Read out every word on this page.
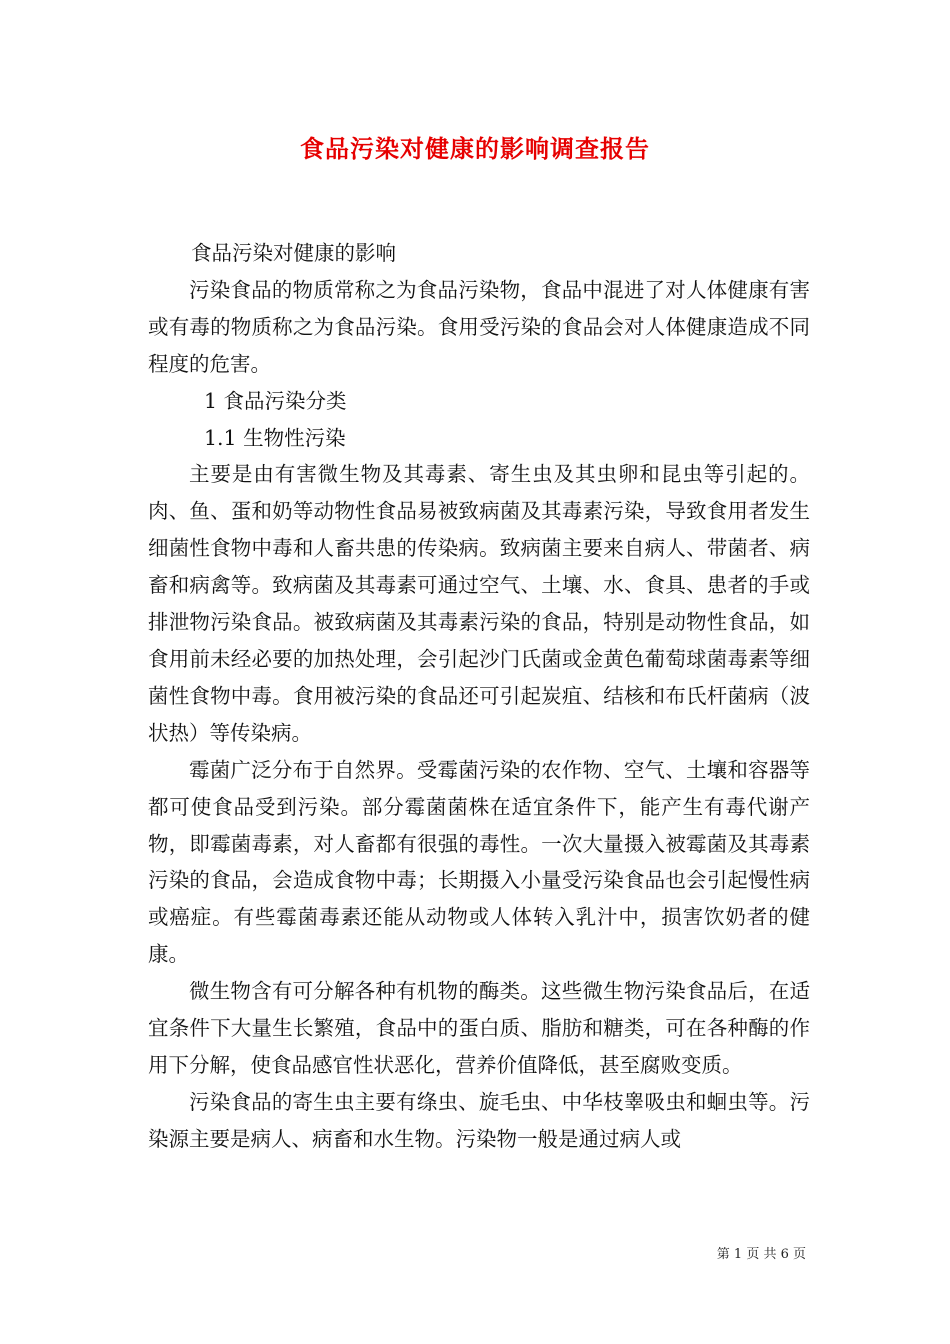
食品污染对健康的影响调查报告

食品污染对健康的影响

污染食品的物质常称之为食品污染物，食品中混进了对人体健康有害或有毒的物质称之为食品污染。食用受污染的食品会对人体健康造成不同程度的危害。

1 食品污染分类

1.1 生物性污染

主要是由有害微生物及其毒素、寄生虫及其虫卵和昆虫等引起的。肉、鱼、蛋和奶等动物性食品易被致病菌及其毒素污染，导致食用者发生细菌性食物中毒和人畜共患的传染病。致病菌主要来自病人、带菌者、病畜和病禽等。致病菌及其毒素可通过空气、土壤、水、食具、患者的手或排泄物污染食品。被致病菌及其毒素污染的食品，特别是动物性食品，如食用前未经必要的加热处理，会引起沙门氏菌或金黄色葡萄球菌毒素等细菌性食物中毒。食用被污染的食品还可引起炭疽、结核和布氏杆菌病（波状热）等传染病。

霉菌广泛分布于自然界。受霉菌污染的农作物、空气、土壤和容器等都可使食品受到污染。部分霉菌菌株在适宜条件下，能产生有毒代谢产物，即霉菌毒素，对人畜都有很强的毒性。一次大量摄入被霉菌及其毒素污染的食品，会造成食物中毒；长期摄入小量受污染食品也会引起慢性病或癌症。有些霉菌毒素还能从动物或人体转入乳汁中，损害饮奶者的健康。

微生物含有可分解各种有机物的酶类。这些微生物污染食品后，在适宜条件下大量生长繁殖，食品中的蛋白质、脂肪和糖类，可在各种酶的作用下分解，使食品感官性状恶化，营养价值降低，甚至腐败变质。

污染食品的寄生虫主要有绦虫、旋毛虫、中华枝睾吸虫和蛔虫等。污染源主要是病人、病畜和水生物。污染物一般是通过病人或

第 1 页 共 6 页
